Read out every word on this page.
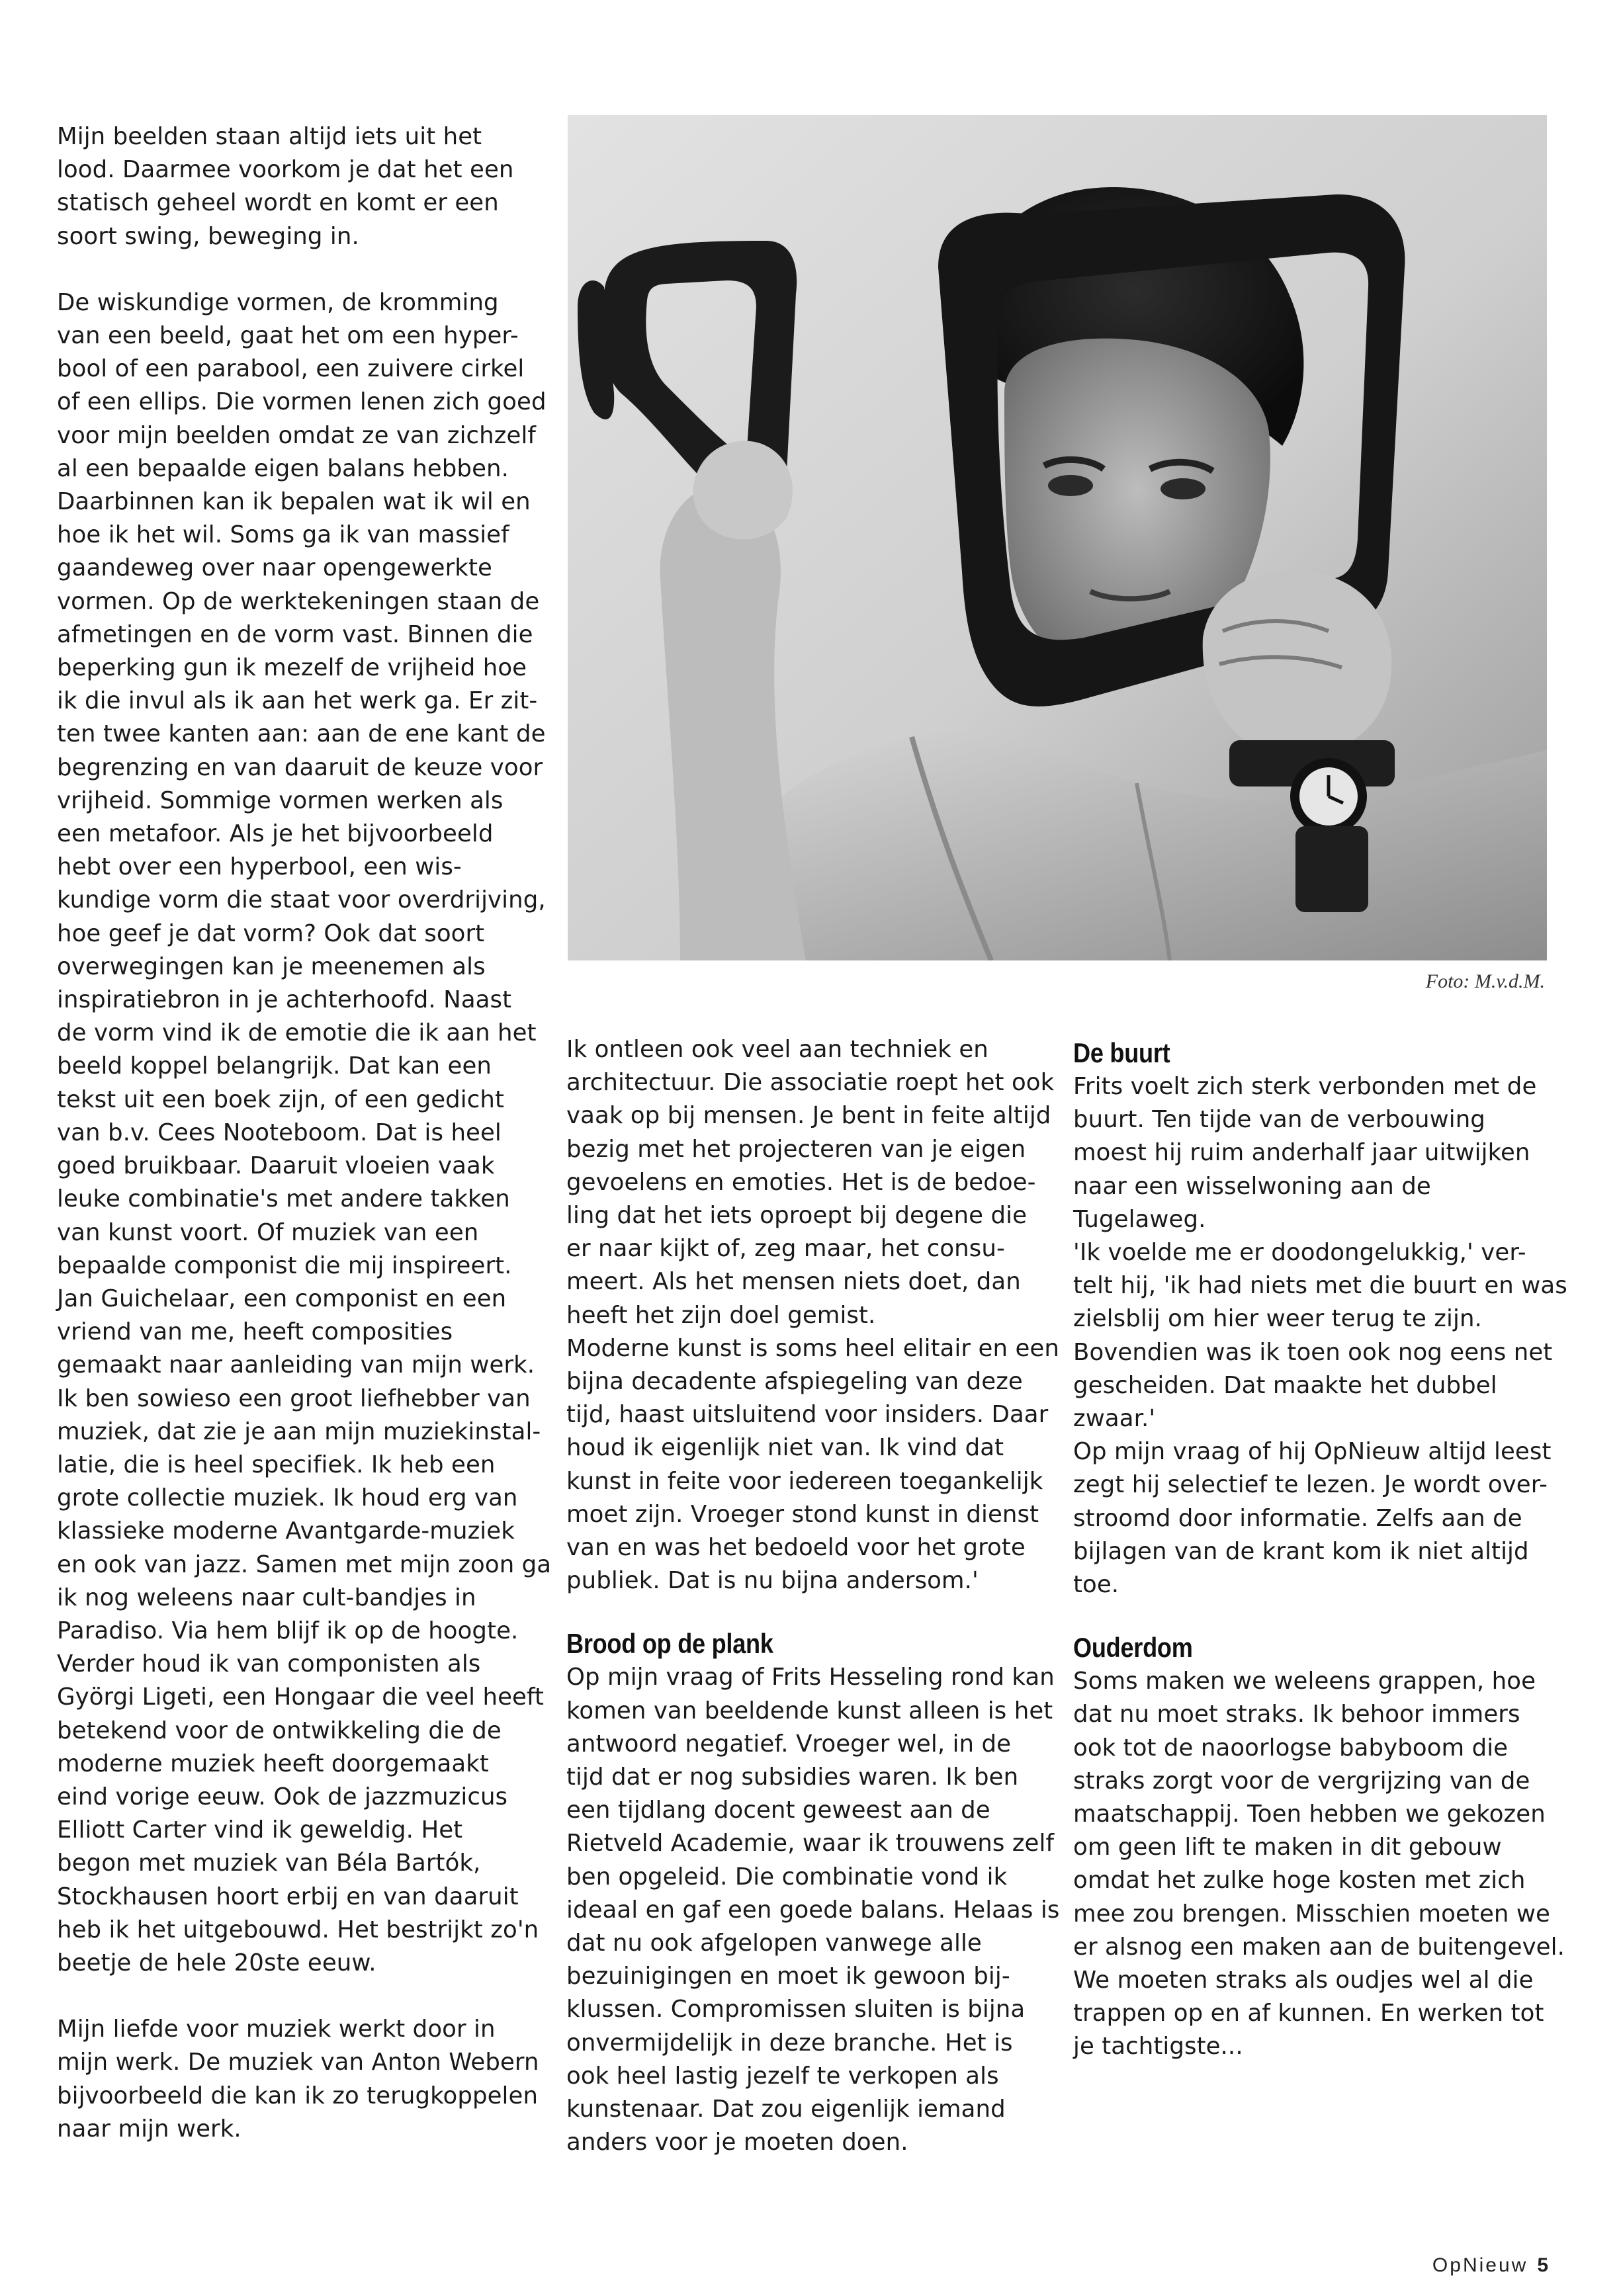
Mijn beelden staan altijd iets uit het

lood. Daarmee voorkom je dat het een

statisch geheel wordt en komt er een

soort swing, beweging in.

De wiskundige vormen, de kromming

van een beeld, gaat het om een hyper-

bool of een parabool, een zuivere cirkel

of een ellips. Die vormen lenen zich goed

voor mijn beelden omdat ze van zichzelf

al een bepaalde eigen balans hebben.

Daarbinnen kan ik bepalen wat ik wil en

hoe ik het wil. Soms ga ik van massief

gaandeweg over naar opengewerkte

vormen. Op de werktekeningen staan de

afmetingen en de vorm vast. Binnen die

beperking gun ik mezelf de vrijheid hoe

ik die invul als ik aan het werk ga. Er zit-

ten twee kanten aan: aan de ene kant de

begrenzing en van daaruit de keuze voor

vrijheid. Sommige vormen werken als

een metafoor. Als je het bijvoorbeeld

hebt over een hyperbool, een wis-

kundige vorm die staat voor overdrijving,

hoe geef je dat vorm? Ook dat soort

overwegingen kan je meenemen als

inspiratiebron in je achterhoofd. Naast

de vorm vind ik de emotie die ik aan het

beeld koppel belangrijk. Dat kan een

tekst uit een boek zijn, of een gedicht

van b.v. Cees Nooteboom. Dat is heel

goed bruikbaar. Daaruit vloeien vaak

leuke combinatie's met andere takken

van kunst voort. Of muziek van een

bepaalde componist die mij inspireert.

Jan Guichelaar, een componist en een

vriend van me, heeft composities

gemaakt naar aanleiding van mijn werk.

Ik ben sowieso een groot liefhebber van

muziek, dat zie je aan mijn muziekinstal-

latie, die is heel specifiek. Ik heb een

grote collectie muziek. Ik houd erg van

klassieke moderne Avantgarde-muziek

en ook van jazz. Samen met mijn zoon ga

ik nog weleens naar cult-bandjes in

Paradiso. Via hem blijf ik op de hoogte.

Verder houd ik van componisten als

Györgi Ligeti, een Hongaar die veel heeft

betekend voor de ontwikkeling die de

moderne muziek heeft doorgemaakt

eind vorige eeuw. Ook de jazzmuzicus

Elliott Carter vind ik geweldig. Het

begon met muziek van Béla Bartók,

Stockhausen hoort erbij en van daaruit

heb ik het uitgebouwd. Het bestrijkt zo'n

beetje de hele 20ste eeuw.

Mijn liefde voor muziek werkt door in

mijn werk. De muziek van Anton Webern

bijvoorbeeld die kan ik zo terugkoppelen

naar mijn werk.

Foto: M.v.d.M.

Ik ontleen ook veel aan techniek en

architectuur. Die associatie roept het ook

vaak op bij mensen. Je bent in feite altijd

bezig met het projecteren van je eigen

gevoelens en emoties. Het is de bedoe-

ling dat het iets oproept bij degene die

er naar kijkt of, zeg maar, het consu-

meert. Als het mensen niets doet, dan

heeft het zijn doel gemist.

Moderne kunst is soms heel elitair en een

bijna decadente afspiegeling van deze

tijd, haast uitsluitend voor insiders. Daar

houd ik eigenlijk niet van. Ik vind dat

kunst in feite voor iedereen toegankelijk

moet zijn. Vroeger stond kunst in dienst

van en was het bedoeld voor het grote

publiek. Dat is nu bijna andersom.'

Brood op de plank

Op mijn vraag of Frits Hesseling rond kan

komen van beeldende kunst alleen is het

antwoord negatief. Vroeger wel, in de

tijd dat er nog subsidies waren. Ik ben

een tijdlang docent geweest aan de

Rietveld Academie, waar ik trouwens zelf

ben opgeleid. Die combinatie vond ik

ideaal en gaf een goede balans. Helaas is

dat nu ook afgelopen vanwege alle

bezuinigingen en moet ik gewoon bij-

klussen. Compromissen sluiten is bijna

onvermijdelijk in deze branche. Het is

ook heel lastig jezelf te verkopen als

kunstenaar. Dat zou eigenlijk iemand

anders voor je moeten doen.

De buurt

Frits voelt zich sterk verbonden met de

buurt. Ten tijde van de verbouwing

moest hij ruim anderhalf jaar uitwijken

naar een wisselwoning aan de

Tugelaweg.

'Ik voelde me er doodongelukkig,' ver-

telt hij, 'ik had niets met die buurt en was

zielsblij om hier weer terug te zijn.

Bovendien was ik toen ook nog eens net

gescheiden. Dat maakte het dubbel

zwaar.'

Op mijn vraag of hij OpNieuw altijd leest

zegt hij selectief te lezen. Je wordt over-

stroomd door informatie. Zelfs aan de

bijlagen van de krant kom ik niet altijd

toe.

Ouderdom

Soms maken we weleens grappen, hoe

dat nu moet straks. Ik behoor immers

ook tot de naoorlogse babyboom die

straks zorgt voor de vergrijzing van de

maatschappij. Toen hebben we gekozen

om geen lift te maken in dit gebouw

omdat het zulke hoge kosten met zich

mee zou brengen. Misschien moeten we

er alsnog een maken aan de buitengevel.

We moeten straks als oudjes wel al die

trappen op en af kunnen. En werken tot

je tachtigste...

OpNieuw 5
